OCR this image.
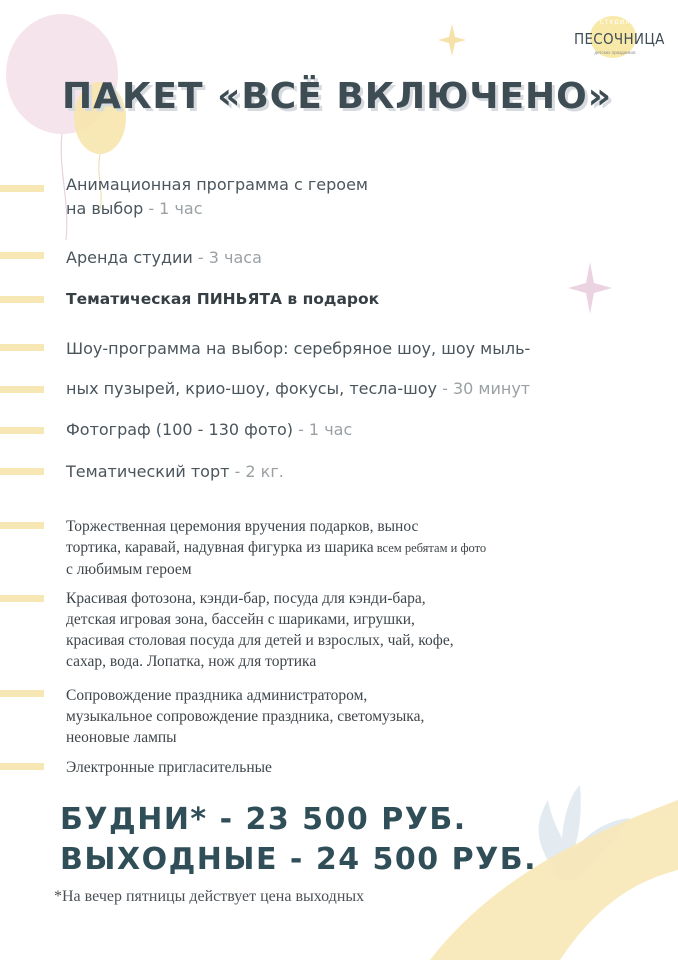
СТУДИЯ
ПЕСОЧНИЦА
детских праздников
ПАКЕТ «ВСЁ ВКЛЮЧЕНО»
Анимационная программа с героем
на выбор - 1 час
Аренда студии - 3 часа
Тематическая ПИНЬЯТА в подарок
Шоу-программа на выбор: серебряное шоу, шоу мыль-
ных пузырей, крио-шоу, фокусы, тесла-шоу - 30 минут
Фотограф (100 - 130 фото) - 1 час
Тематический торт - 2 кг.
Торжественная церемония вручения подарков, вынос
тортика, каравай, надувная фигурка из шарика всем ребятам и фото
с любимым героем
Красивая фотозона, кэнди-бар, посуда для кэнди-бара,
детская игровая зона, бассейн с шариками, игрушки,
красивая столовая посуда для детей и взрослых, чай, кофе,
сахар, вода. Лопатка, нож для тортика
Сопровождение праздника администратором,
музыкальное сопровождение праздника, светомузыка,
неоновые лампы
Электронные пригласительные
БУДНИ* - 23 500 РУБ.
ВЫХОДНЫЕ - 24 500 РУБ.
*На вечер пятницы действует цена выходных
